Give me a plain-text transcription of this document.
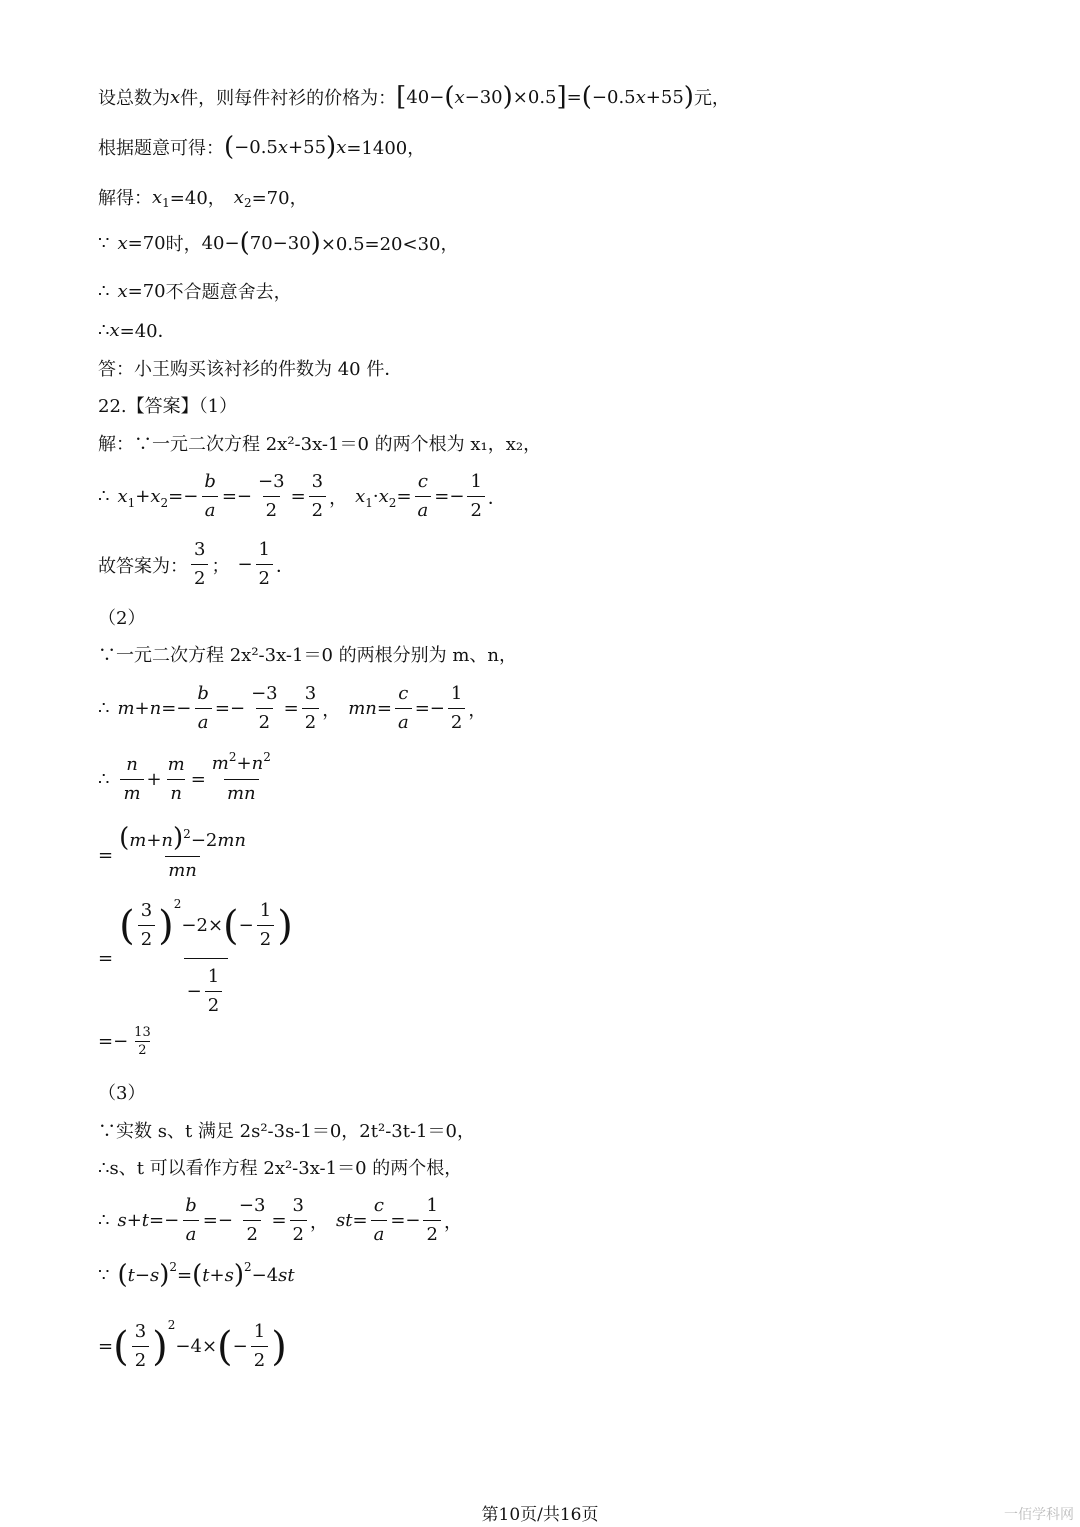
设总数为 x 件，则每件衬衫的价格为： [ 40− ( x −30 ) ×0.5 ] = ( −0.5 x +55 ) 元，
根据题意可得： ( −0.5 x +55 ) x =1400，
解得： x 1 =40， x 2 =70，
∵ x =70 时， 40− ( 70−30 ) ×0.5=20<30，
∴ x =70 不合题意舍去，
∴ x =40．
答：小王购买该衬衫的件数为 40 件．
22.【答案】（1）
解：∵一元二次方程 2x²-3x-1＝0 的两个根为 x₁，x₂，
∴ x 1 + x $2 =- \frac{b}{a} =- \frac{-3}{2} = \frac{3}{2}$ ， x 1 · x $2 = \frac{c}{a} =- \frac{1}{2}$ ．
故答案为： $\frac{3}{2}$ ； − $\frac{1}{2}$ ．
（2）
∵一元二次方程 2x²-3x-1＝0 的两根分别为 m、n，
∴ $m + n =- \frac{b}{a} =- \frac{-3}{2} = \frac{3}{2}$ ， mn = $\frac{c}{a} =- \frac{1}{2}$ ，
∴ $\frac{n}{m} + \frac{m}{n} = \frac{m^2+n^2}{mn}$
= $\frac{(m+n)^2-2mn}{mn}$
= ( $\frac{3}{2}$ ) 2
−2× ( − $\frac{1}{2}$ )
− $\frac{1}{2}$
=− $\frac{13}{2}$
（3）
∵实数 s、t 满足 2s²-3s-1＝0，2t²-3t-1＝0，
∴s、t 可以看作方程 2x²-3x-1＝0 的两个根，
∴ $s + t =- \frac{b}{a} =- \frac{-3}{2} = \frac{3}{2}$ ， st = $\frac{c}{a} =- \frac{1}{2}$ ，
∵ ( t − s ) 2 = ( t + s ) 2 −4 st
= ( $\frac{3}{2}$ ) 2
−4× ( − $\frac{1}{2}$ )
第10页/共16页	一佰学科网
